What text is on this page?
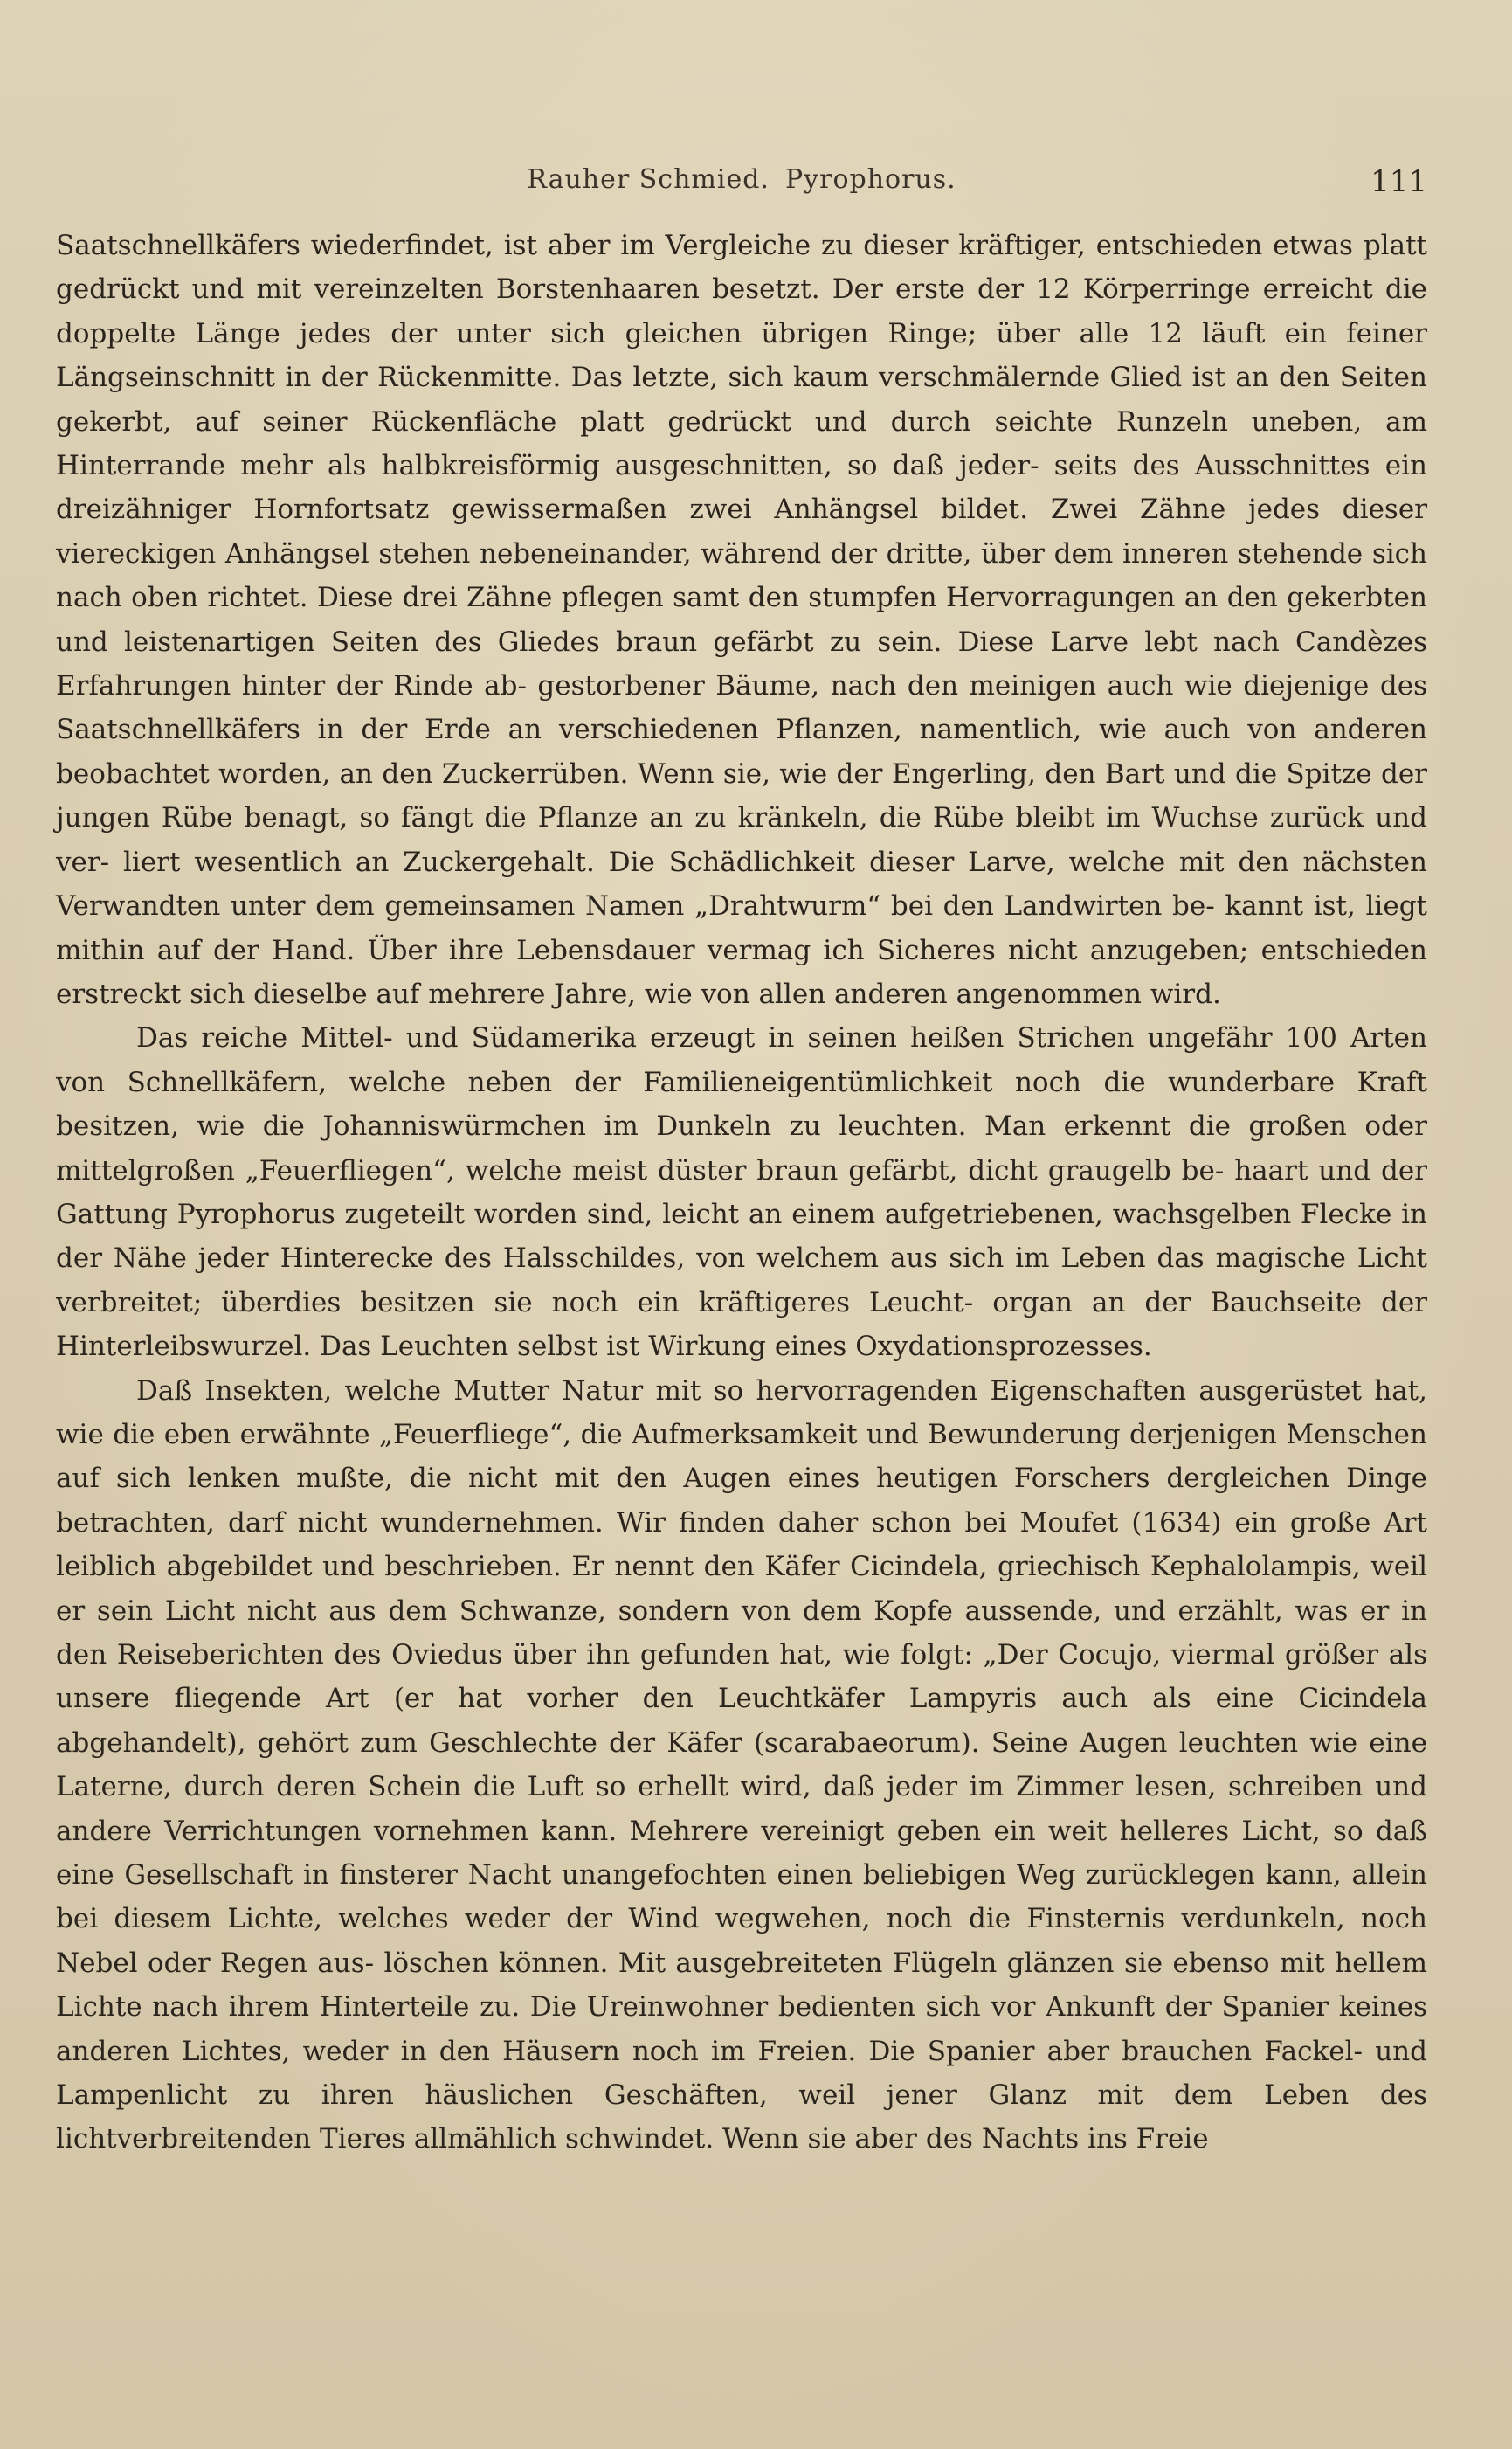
Rauher Schmied. Pyrophorus.	111

Saatschnellkäfers wiederfindet, ist aber im Vergleiche zu dieser kräftiger, entschieden etwas platt gedrückt und mit vereinzelten Borstenhaaren besetzt. Der erste der 12 Körperringe erreicht die doppelte Länge jedes der unter sich gleichen übrigen Ringe; über alle 12 läuft ein feiner Längseinschnitt in der Rückenmitte. Das letzte, sich kaum verschmälernde Glied ist an den Seiten gekerbt, auf seiner Rückenfläche platt gedrückt und durch seichte Runzeln uneben, am Hinterrande mehr als halbkreisförmig ausgeschnitten, so daß jeder- seits des Ausschnittes ein dreizähniger Hornfortsatz gewissermaßen zwei Anhängsel bildet. Zwei Zähne jedes dieser viereckigen Anhängsel stehen nebeneinander, während der dritte, über dem inneren stehende sich nach oben richtet. Diese drei Zähne pflegen samt den stumpfen Hervorragungen an den gekerbten und leistenartigen Seiten des Gliedes braun gefärbt zu sein. Diese Larve lebt nach Candèzes Erfahrungen hinter der Rinde ab- gestorbener Bäume, nach den meinigen auch wie diejenige des Saatschnellkäfers in der Erde an verschiedenen Pflanzen, namentlich, wie auch von anderen beobachtet worden, an den Zuckerrüben. Wenn sie, wie der Engerling, den Bart und die Spitze der jungen Rübe benagt, so fängt die Pflanze an zu kränkeln, die Rübe bleibt im Wuchse zurück und ver- liert wesentlich an Zuckergehalt. Die Schädlichkeit dieser Larve, welche mit den nächsten Verwandten unter dem gemeinsamen Namen „Drahtwurm“ bei den Landwirten be- kannt ist, liegt mithin auf der Hand. Über ihre Lebensdauer vermag ich Sicheres nicht anzugeben; entschieden erstreckt sich dieselbe auf mehrere Jahre, wie von allen anderen angenommen wird.

Das reiche Mittel- und Südamerika erzeugt in seinen heißen Strichen ungefähr 100 Arten von Schnellkäfern, welche neben der Familieneigentümlichkeit noch die wunderbare Kraft besitzen, wie die Johanniswürmchen im Dunkeln zu leuchten. Man erkennt die großen oder mittelgroßen „Feuerfliegen“, welche meist düster braun gefärbt, dicht graugelb be- haart und der Gattung Pyrophorus zugeteilt worden sind, leicht an einem aufgetriebenen, wachsgelben Flecke in der Nähe jeder Hinterecke des Halsschildes, von welchem aus sich im Leben das magische Licht verbreitet; überdies besitzen sie noch ein kräftigeres Leucht- organ an der Bauchseite der Hinterleibswurzel. Das Leuchten selbst ist Wirkung eines Oxydationsprozesses.

Daß Insekten, welche Mutter Natur mit so hervorragenden Eigenschaften ausgerüstet hat, wie die eben erwähnte „Feuerfliege“, die Aufmerksamkeit und Bewunderung derjenigen Menschen auf sich lenken mußte, die nicht mit den Augen eines heutigen Forschers dergleichen Dinge betrachten, darf nicht wundernehmen. Wir finden daher schon bei Moufet (1634) ein große Art leiblich abgebildet und beschrieben. Er nennt den Käfer Cicindela, griechisch Kephalolampis, weil er sein Licht nicht aus dem Schwanze, sondern von dem Kopfe aussende, und erzählt, was er in den Reiseberichten des Oviedus über ihn gefunden hat, wie folgt: „Der Cocujo, viermal größer als unsere fliegende Art (er hat vorher den Leuchtkäfer Lampyris auch als eine Cicindela abgehandelt), gehört zum Geschlechte der Käfer (scarabaeorum). Seine Augen leuchten wie eine Laterne, durch deren Schein die Luft so erhellt wird, daß jeder im Zimmer lesen, schreiben und andere Verrichtungen vornehmen kann. Mehrere vereinigt geben ein weit helleres Licht, so daß eine Gesellschaft in finsterer Nacht unangefochten einen beliebigen Weg zurücklegen kann, allein bei diesem Lichte, welches weder der Wind wegwehen, noch die Finsternis verdunkeln, noch Nebel oder Regen aus- löschen können. Mit ausgebreiteten Flügeln glänzen sie ebenso mit hellem Lichte nach ihrem Hinterteile zu. Die Ureinwohner bedienten sich vor Ankunft der Spanier keines anderen Lichtes, weder in den Häusern noch im Freien. Die Spanier aber brauchen Fackel- und Lampenlicht zu ihren häuslichen Geschäften, weil jener Glanz mit dem Leben des lichtverbreitenden Tieres allmählich schwindet. Wenn sie aber des Nachts ins Freie
